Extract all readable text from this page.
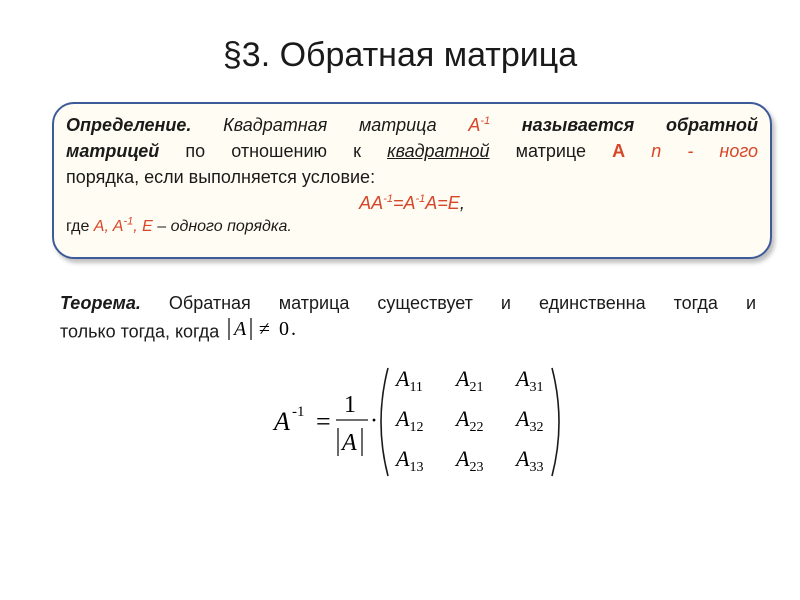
§3. Обратная матрица
Определение. Квадратная матрица $A^{-1}$ называется обратной
матрицей по отношению к квадратной матрице A n - ного
порядка, если выполняется условие:
$AA^{-1}=A^{-1}A=E$,
где A, $A^{-1}$, E – одного порядка.
Теорема. Обратная матрица существует и единственна тогда и
только тогда, когда A ≠ 0 .
A -1 =
1
A
·
$A_{11}$ $A_{21}$ $A_{31}$
$A_{12}$ $A_{22}$ $A_{32}$
$A_{13}$ $A_{23}$ $A_{33}$
